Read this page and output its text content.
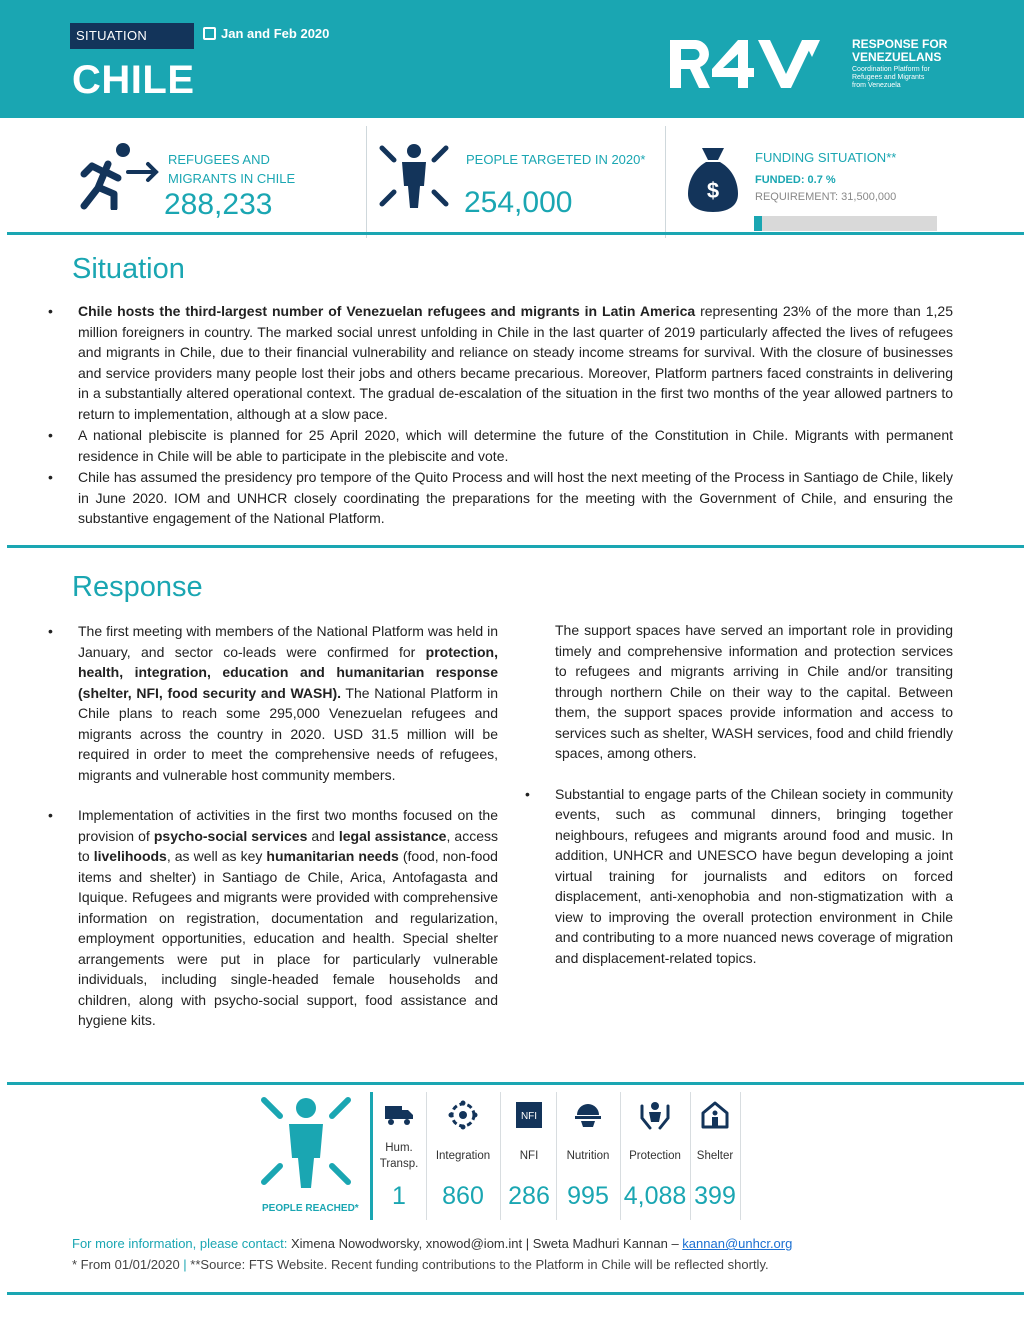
SITUATION	Jan and Feb 2020
CHILE
RESPONSE FOR
VENEZUELANS
Coordination Platform for
Refugees and Migrants
from Venezuela
REFUGEES AND
MIGRANTS IN CHILE
288,233
PEOPLE TARGETED IN 2020*
254,000	$
FUNDING SITUATION**
FUNDED: 0.7 %
REQUIREMENT: 31,500,000
Situation
• Chile hosts the third-largest number of Venezuelan refugees and migrants in Latin America representing 23% of the more than 1,25 million foreigners in country. The marked social unrest unfolding in Chile in the last quarter of 2019 particularly affected the lives of refugees and migrants in Chile, due to their financial vulnerability and reliance on steady income streams for survival. With the closure of businesses and service providers many people lost their jobs and others became precarious. Moreover, Platform partners faced constraints in delivering in a substantially altered operational context. The gradual de-escalation of the situation in the first two months of the year allowed partners to return to implementation, although at a slow pace.
• A national plebiscite is planned for 25 April 2020, which will determine the future of the Constitution in Chile. Migrants with permanent residence in Chile will be able to participate in the plebiscite and vote.
• Chile has assumed the presidency pro tempore of the Quito Process and will host the next meeting of the Process in Santiago de Chile, likely in June 2020. IOM and UNHCR closely coordinating the preparations for the meeting with the Government of Chile, and ensuring the substantive engagement of the National Platform.
Response
• The first meeting with members of the National Platform was held in January, and sector co-leads were confirmed for protection, health, integration, education and humanitarian response (shelter, NFI, food security and WASH). The National Platform in Chile plans to reach some 295,000 Venezuelan refugees and migrants across the country in 2020. USD 31.5 million will be required in order to meet the comprehensive needs of refugees, migrants and vulnerable host community members.
• Implementation of activities in the first two months focused on the provision of psycho-social services and legal assistance, access to livelihoods, as well as key humanitarian needs (food, non-food items and shelter) in Santiago de Chile, Arica, Antofagasta and Iquique. Refugees and migrants were provided with comprehensive information on registration, documentation and regularization, employment opportunities, education and health. Special shelter arrangements were put in place for particularly vulnerable individuals, including single-headed female households and children, along with psycho-social support, food assistance and hygiene kits.
The support spaces have served an important role in providing timely and comprehensive information and protection services to refugees and migrants arriving in Chile and/or transiting through northern Chile on their way to the capital. Between them, the support spaces provide information and access to services such as shelter, WASH services, food and child friendly spaces, among others.
• Substantial to engage parts of the Chilean society in community events, such as communal dinners, bringing together neighbours, refugees and migrants around food and music. In addition, UNHCR and UNESCO have begun developing a joint virtual training for journalists and editors on forced displacement, anti-xenophobia and non-stigmatization with a view to improving the overall protection environment in Chile and contributing to a more nuanced news coverage of migration and displacement-related topics.
PEOPLE REACHED*
Hum. Transp.
1
Integration
860
NFI
NFI
286
Nutrition
995
Protection
4,088
Shelter
399
For more information, please contact: Ximena Nowodworsky, xnowod@iom.int | Sweta Madhuri Kannan – kannan@unhcr.org
* From 01/01/2020 | **Source: FTS Website. Recent funding contributions to the Platform in Chile will be reflected shortly.
